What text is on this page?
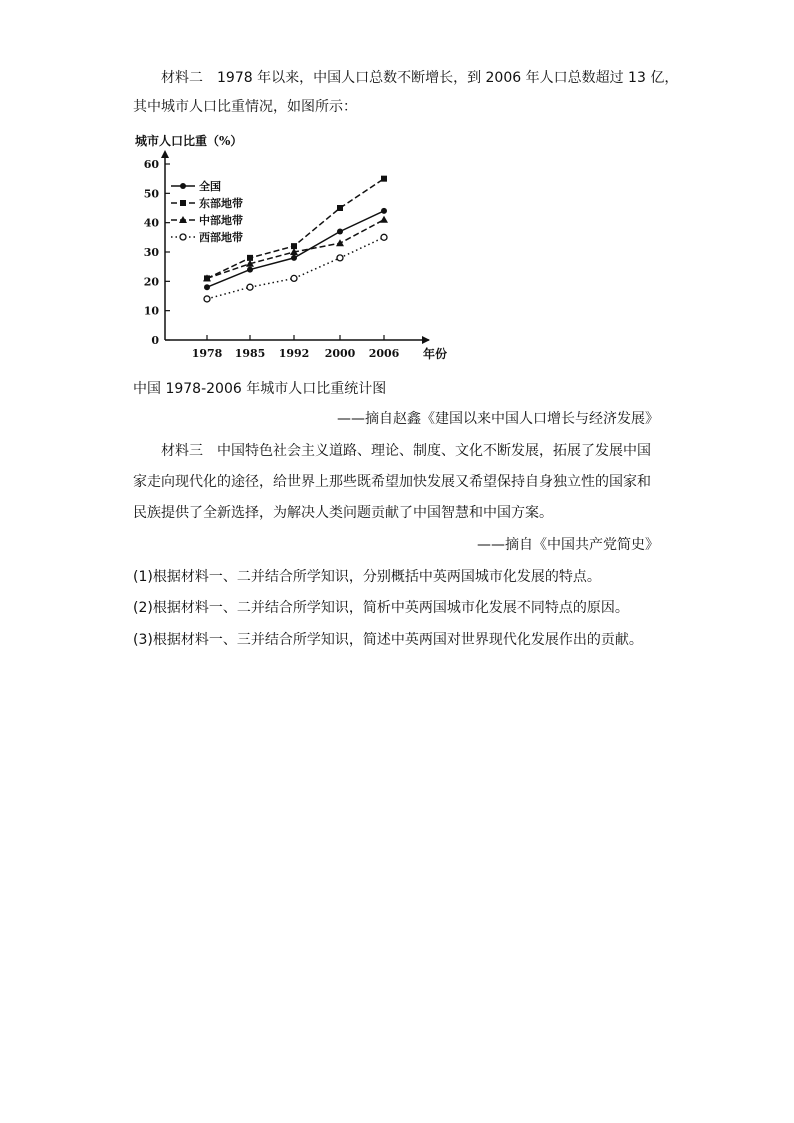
材料二　1978 年以来，中国人口总数不断增长，到 2006 年人口总数超过 13 亿，
其中城市人口比重情况，如图所示：
城市人口比重（%）
年份
0
10
20
30
40
50
60
1978 1985 1992 2000 2006
全国
东部地带
中部地带
西部地带
中国 1978-2006 年城市人口比重统计图
——摘自赵鑫《建国以来中国人口增长与经济发展》
材料三　中国特色社会主义道路、理论、制度、文化不断发展，拓展了发展中国
家走向现代化的途径，给世界上那些既希望加快发展又希望保持自身独立性的国家和
民族提供了全新选择，为解决人类问题贡献了中国智慧和中国方案。
——摘自《中国共产党简史》
(1)根据材料一、二并结合所学知识，分别概括中英两国城市化发展的特点。
(2)根据材料一、二并结合所学知识，简析中英两国城市化发展不同特点的原因。
(3)根据材料一、三并结合所学知识，简述中英两国对世界现代化发展作出的贡献。
